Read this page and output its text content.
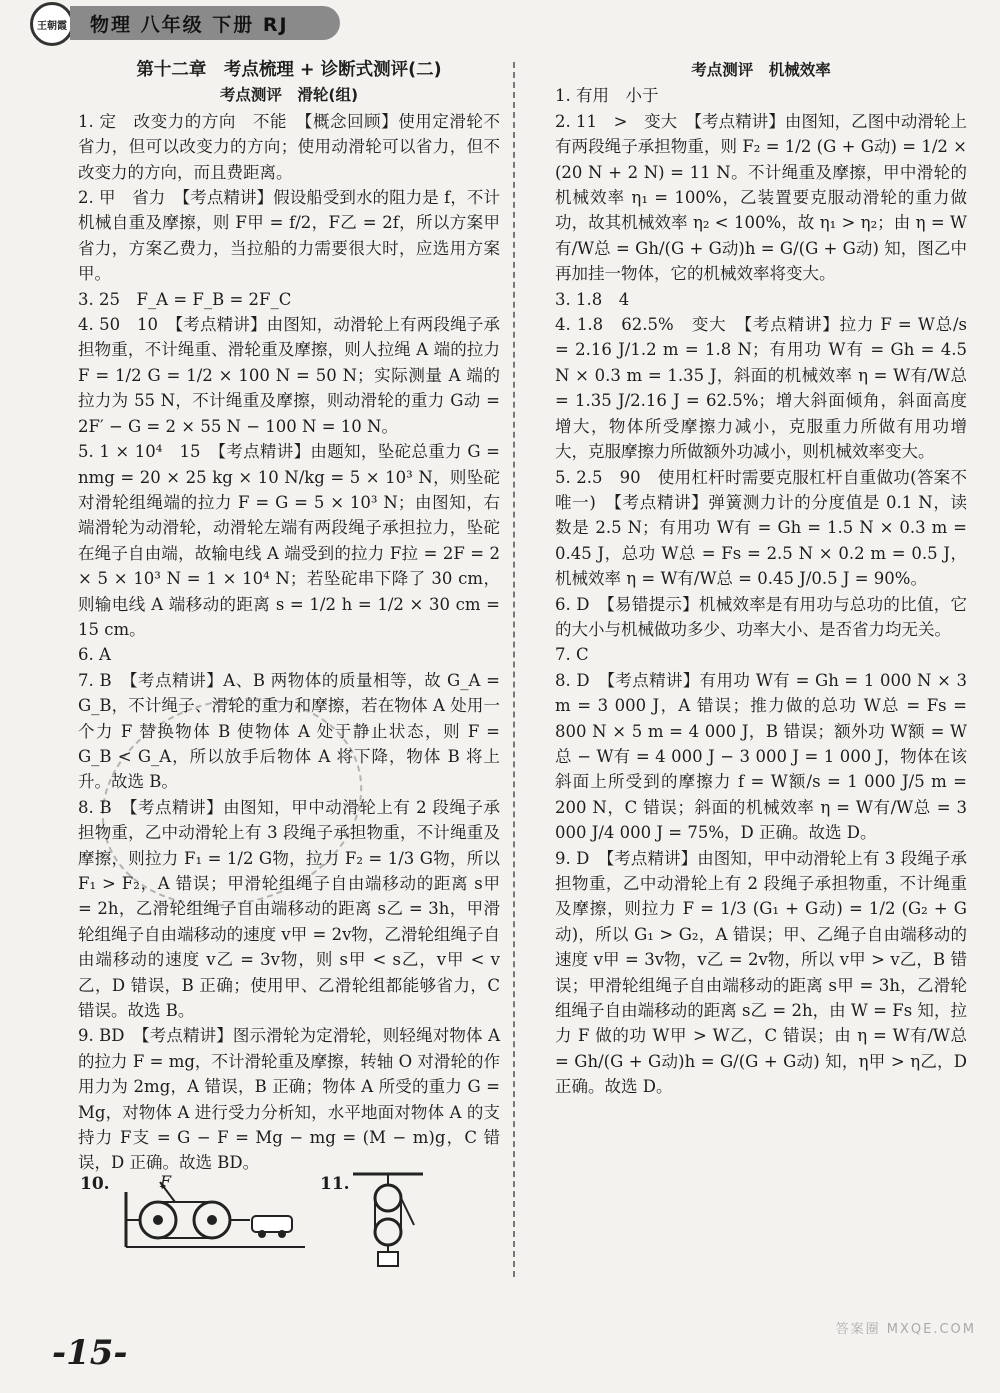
王朝霞	物理 八年级 下册 RJ
第十二章　考点梳理 + 诊断式测评(二)
考点测评　滑轮(组)
1. 定　改变力的方向　不能　【概念回顾】使用定滑轮不省力，但可以改变力的方向；使用动滑轮可以省力，但不改变力的方向，而且费距离。
2. 甲　省力　【考点精讲】假设船受到水的阻力是 f，不计机械自重及摩擦，则 F甲 = f/2，F乙 = 2f，所以方案甲省力，方案乙费力，当拉船的力需要很大时，应选用方案甲。
3. 25　F_A = F_B = 2F_C
4. 50　10　【考点精讲】由图知，动滑轮上有两段绳子承担物重，不计绳重、滑轮重及摩擦，则人拉绳 A 端的拉力 F = 1/2 G = 1/2 × 100 N = 50 N；实际测量 A 端的拉力为 55 N，不计绳重及摩擦，则动滑轮的重力 G动 = 2F′ − G = 2 × 55 N − 100 N = 10 N。
5. 1 × 10⁴　15　【考点精讲】由题知，坠砣总重力 G = nmg = 20 × 25 kg × 10 N/kg = 5 × 10³ N，则坠砣对滑轮组绳端的拉力 F = G = 5 × 10³ N；由图知，右端滑轮为动滑轮，动滑轮左端有两段绳子承担拉力，坠砣在绳子自由端，故输电线 A 端受到的拉力 F拉 = 2F = 2 × 5 × 10³ N = 1 × 10⁴ N；若坠砣串下降了 30 cm，则输电线 A 端移动的距离 s = 1/2 h = 1/2 × 30 cm = 15 cm。
6. A
7. B　【考点精讲】A、B 两物体的质量相等，故 G_A = G_B，不计绳子、滑轮的重力和摩擦，若在物体 A 处用一个力 F 替换物体 B 使物体 A 处于静止状态，则 F = G_B < G_A，所以放手后物体 A 将下降，物体 B 将上升。故选 B。
8. B　【考点精讲】由图知，甲中动滑轮上有 2 段绳子承担物重，乙中动滑轮上有 3 段绳子承担物重，不计绳重及摩擦，则拉力 F₁ = 1/2 G物，拉力 F₂ = 1/3 G物，所以 F₁ > F₂，A 错误；甲滑轮组绳子自由端移动的距离 s甲 = 2h，乙滑轮组绳子自由端移动的距离 s乙 = 3h，甲滑轮组绳子自由端移动的速度 v甲 = 2v物，乙滑轮组绳子自由端移动的速度 v乙 = 3v物，则 s甲 < s乙，v甲 < v乙，D 错误，B 正确；使用甲、乙滑轮组都能够省力，C 错误。故选 B。
9. BD　【考点精讲】图示滑轮为定滑轮，则轻绳对物体 A 的拉力 F = mg，不计滑轮重及摩擦，转轴 O 对滑轮的作用力为 2mg，A 错误，B 正确；物体 A 所受的重力 G = Mg，对物体 A 进行受力分析知，水平地面对物体 A 的支持力 F支 = G − F = Mg − mg = (M − m)g，C 错误，D 正确。故选 BD。
10.	F	11.
考点测评　机械效率
1. 有用　小于
2. 11　>　变大　【考点精讲】由图知，乙图中动滑轮上有两段绳子承担物重，则 F₂ = 1/2 (G + G动) = 1/2 × (20 N + 2 N) = 11 N。不计绳重及摩擦，甲中滑轮的机械效率 η₁ = 100%，乙装置要克服动滑轮的重力做功，故其机械效率 η₂ < 100%，故 η₁ > η₂；由 η = W有/W总 = Gh/(G + G动)h = G/(G + G动) 知，图乙中再加挂一物体，它的机械效率将变大。
3. 1.8　4
4. 1.8　62.5%　变大　【考点精讲】拉力 F = W总/s = 2.16 J/1.2 m = 1.8 N；有用功 W有 = Gh = 4.5 N × 0.3 m = 1.35 J，斜面的机械效率 η = W有/W总 = 1.35 J/2.16 J = 62.5%；增大斜面倾角，斜面高度增大，物体所受摩擦力减小，克服重力所做有用功增大，克服摩擦力所做额外功减小，则机械效率变大。
5. 2.5　90　使用杠杆时需要克服杠杆自重做功(答案不唯一)　【考点精讲】弹簧测力计的分度值是 0.1 N，读数是 2.5 N；有用功 W有 = Gh = 1.5 N × 0.3 m = 0.45 J，总功 W总 = Fs = 2.5 N × 0.2 m = 0.5 J，机械效率 η = W有/W总 = 0.45 J/0.5 J = 90%。
6. D　【易错提示】机械效率是有用功与总功的比值，它的大小与机械做功多少、功率大小、是否省力均无关。
7. C
8. D　【考点精讲】有用功 W有 = Gh = 1 000 N × 3 m = 3 000 J，A 错误；推力做的总功 W总 = Fs = 800 N × 5 m = 4 000 J，B 错误；额外功 W额 = W总 − W有 = 4 000 J − 3 000 J = 1 000 J，物体在该斜面上所受到的摩擦力 f = W额/s = 1 000 J/5 m = 200 N，C 错误；斜面的机械效率 η = W有/W总 = 3 000 J/4 000 J = 75%，D 正确。故选 D。
9. D　【考点精讲】由图知，甲中动滑轮上有 3 段绳子承担物重，乙中动滑轮上有 2 段绳子承担物重，不计绳重及摩擦，则拉力 F = 1/3 (G₁ + G动) = 1/2 (G₂ + G动)，所以 G₁ > G₂，A 错误；甲、乙绳子自由端移动的速度 v甲 = 3v物，v乙 = 2v物，所以 v甲 > v乙，B 错误；甲滑轮组绳子自由端移动的距离 s甲 = 3h，乙滑轮组绳子自由端移动的距离 s乙 = 2h，由 W = Fs 知，拉力 F 做的功 W甲 > W乙，C 错误；由 η = W有/W总 = Gh/(G + G动)h = G/(G + G动) 知，η甲 > η乙，D 正确。故选 D。
-15-
答案圈 MXQE.COM
